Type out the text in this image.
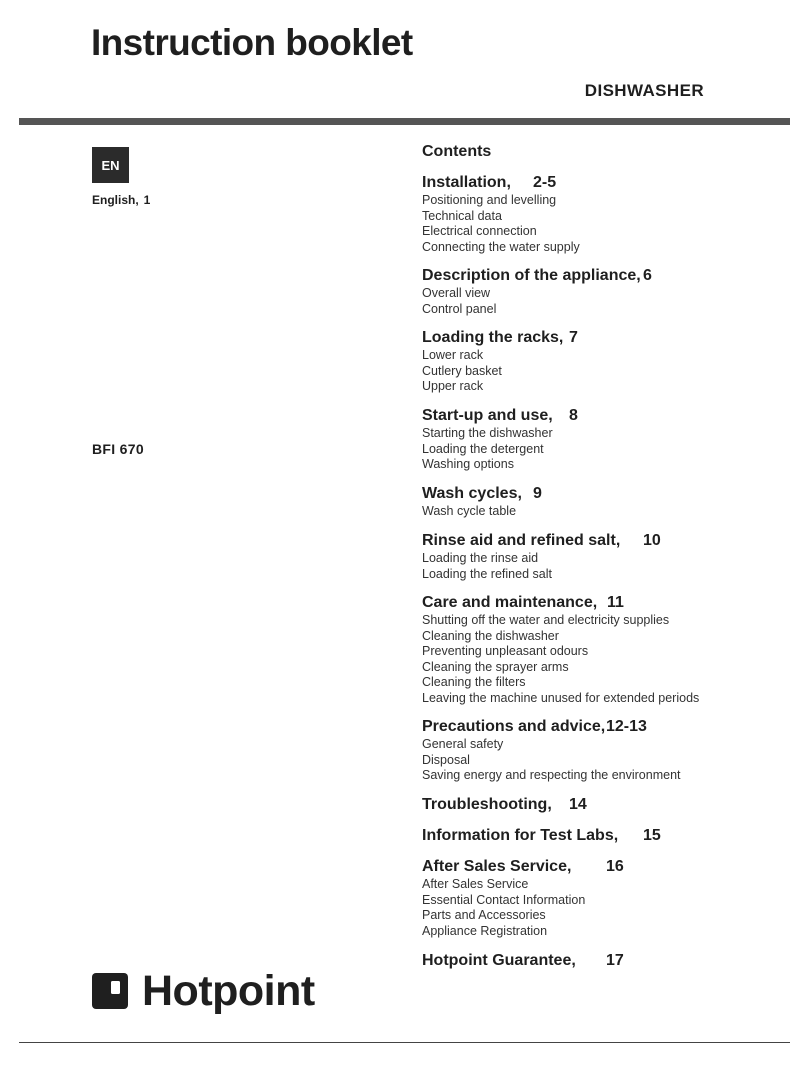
Instruction booklet
DISHWASHER
EN
English, 1
BFI 670
Contents
Installation, 2-5
Positioning and levelling
Technical data
Electrical connection
Connecting the water supply
Description of the appliance, 6
Overall view
Control panel
Loading the racks, 7
Lower rack
Cutlery basket
Upper rack
Start-up and use, 8
Starting the dishwasher
Loading the detergent
Washing options
Wash cycles, 9
Wash cycle table
Rinse aid and refined salt, 10
Loading the rinse aid
Loading the refined salt
Care and maintenance, 11
Shutting off the water and electricity supplies
Cleaning the dishwasher
Preventing unpleasant odours
Cleaning the sprayer arms
Cleaning the filters
Leaving the machine unused for extended periods
Precautions and advice, 12-13
General safety
Disposal
Saving energy and respecting the environment
Troubleshooting, 14
Information for Test Labs, 15
After Sales Service, 16
After Sales Service
Essential Contact Information
Parts and Accessories
Appliance Registration
Hotpoint Guarantee, 17
Hotpoint
